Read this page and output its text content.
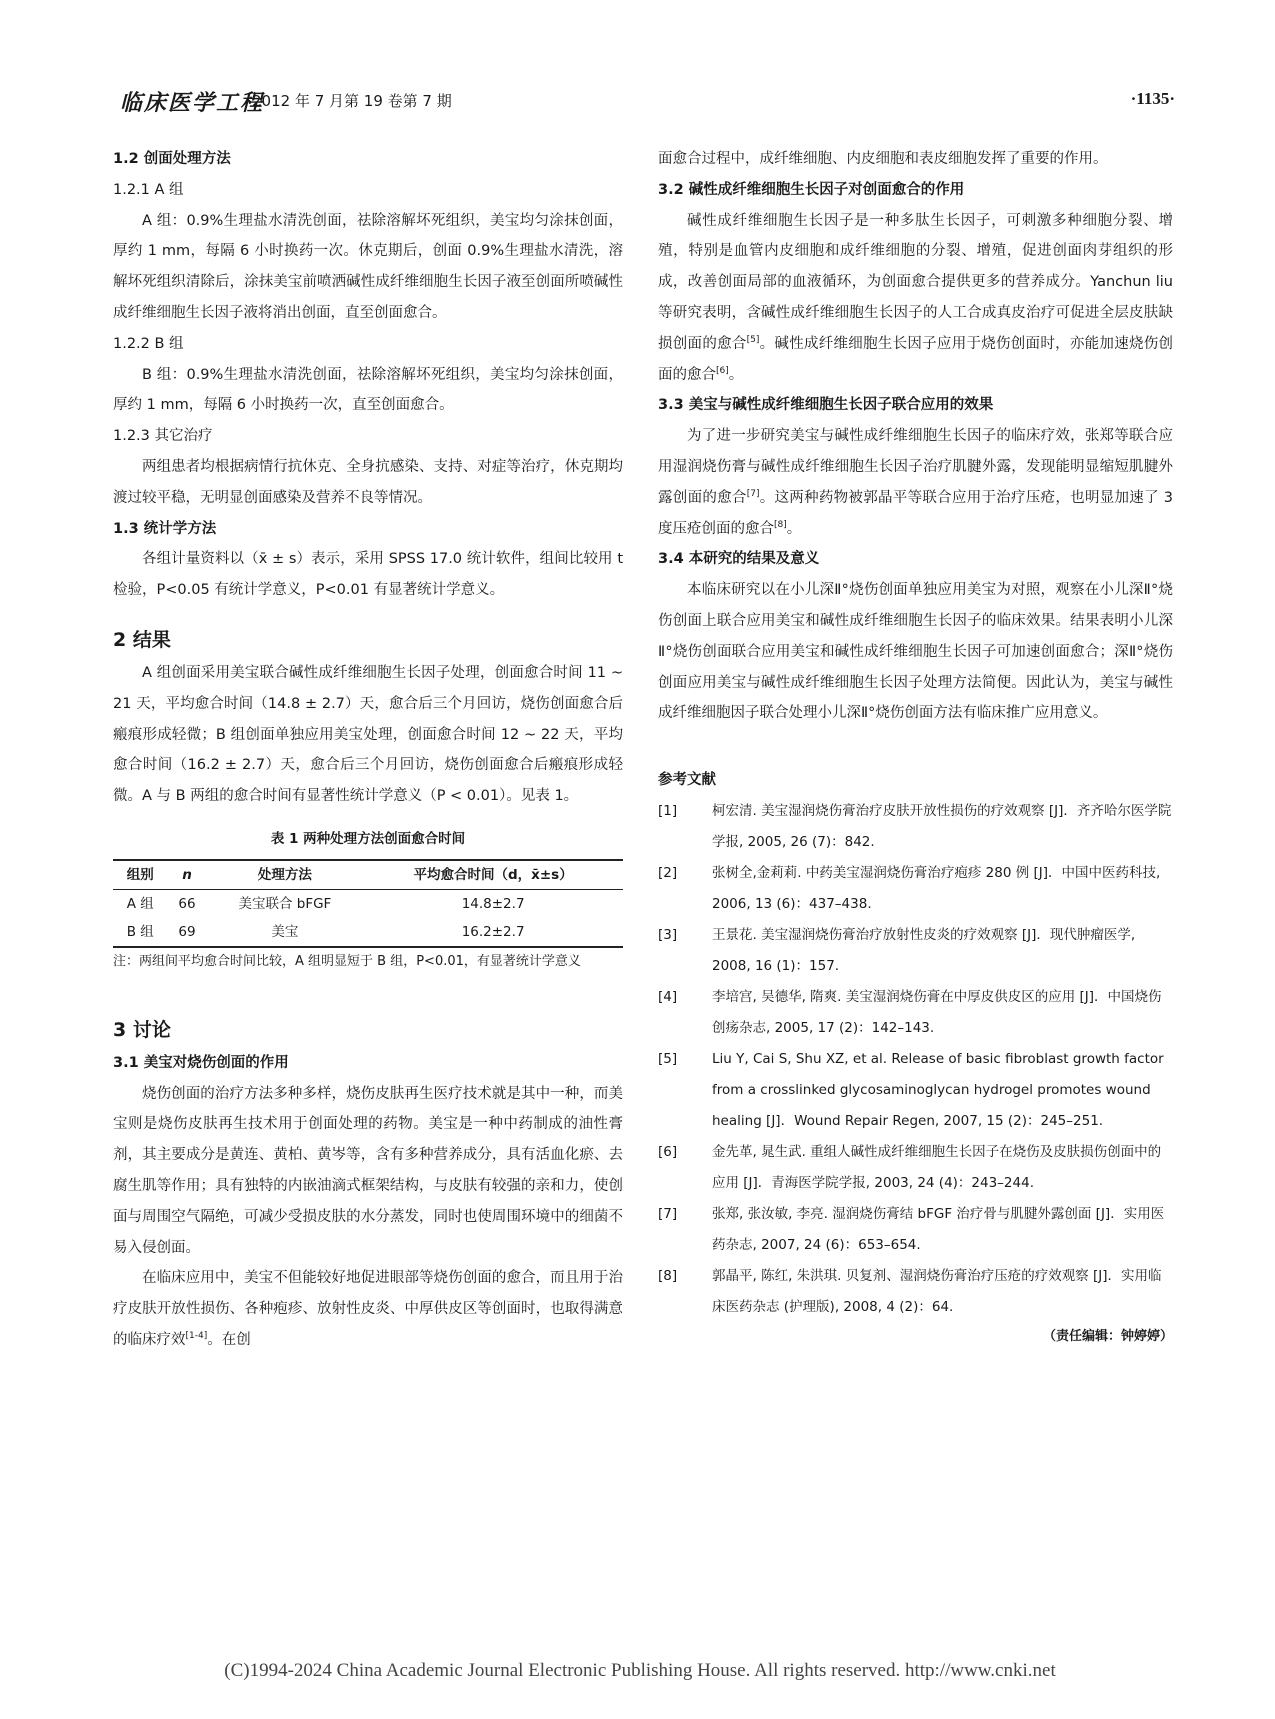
临床医学工程
2012 年 7 月第 19 卷第 7 期	·1135·

1.2 创面处理方法

1.2.1 A 组

A 组：0.9%生理盐水清洗创面，祛除溶解坏死组织，美宝均匀涂抹创面，厚约 1 mm，每隔 6 小时换药一次。休克期后，创面 0.9%生理盐水清洗，溶解坏死组织清除后，涂抹美宝前喷洒碱性成纤维细胞生长因子液至创面所喷碱性成纤维细胞生长因子液将消出创面，直至创面愈合。

1.2.2 B 组

B 组：0.9%生理盐水清洗创面，祛除溶解坏死组织，美宝均匀涂抹创面，厚约 1 mm，每隔 6 小时换药一次，直至创面愈合。

1.2.3 其它治疗

两组患者均根据病情行抗休克、全身抗感染、支持、对症等治疗，休克期均渡过较平稳，无明显创面感染及营养不良等情况。

1.3 统计学方法

各组计量资料以（x̄ ± s）表示，采用 SPSS 17.0 统计软件，组间比较用 t 检验，P<0.05 有统计学意义，P<0.01 有显著统计学意义。

2 结果

A 组创面采用美宝联合碱性成纤维细胞生长因子处理，创面愈合时间 11 ~ 21 天，平均愈合时间（14.8 ± 2.7）天，愈合后三个月回访，烧伤创面愈合后瘢痕形成轻微；B 组创面单独应用美宝处理，创面愈合时间 12 ~ 22 天，平均愈合时间（16.2 ± 2.7）天，愈合后三个月回访，烧伤创面愈合后瘢痕形成轻微。A 与 B 两组的愈合时间有显著性统计学意义（P < 0.01）。见表 1。

表 1 两种处理方法创面愈合时间
组别	n	处理方法	平均愈合时间（d，x̄±s）
A 组	66	美宝联合 bFGF	14.8±2.7
B 组	69	美宝	16.2±2.7

注：两组间平均愈合时间比较，A 组明显短于 B 组，P<0.01，有显著统计学意义

3 讨论

3.1 美宝对烧伤创面的作用

烧伤创面的治疗方法多种多样，烧伤皮肤再生医疗技术就是其中一种，而美宝则是烧伤皮肤再生技术用于创面处理的药物。美宝是一种中药制成的油性膏剂，其主要成分是黄连、黄柏、黄岑等，含有多种营养成分，具有活血化瘀、去腐生肌等作用；具有独特的内嵌油滴式框架结构，与皮肤有较强的亲和力，使创面与周围空气隔绝，可减少受损皮肤的水分蒸发，同时也使周围环境中的细菌不易入侵创面。

在临床应用中，美宝不但能较好地促进眼部等烧伤创面的愈合，而且用于治疗皮肤开放性损伤、各种疱疹、放射性皮炎、中厚供皮区等创面时，也取得满意的临床疗效[1-4]。在创

面愈合过程中，成纤维细胞、内皮细胞和表皮细胞发挥了重要的作用。

3.2 碱性成纤维细胞生长因子对创面愈合的作用

碱性成纤维细胞生长因子是一种多肽生长因子，可刺激多种细胞分裂、增殖，特别是血管内皮细胞和成纤维细胞的分裂、增殖，促进创面肉芽组织的形成，改善创面局部的血液循环，为创面愈合提供更多的营养成分。Yanchun liu 等研究表明，含碱性成纤维细胞生长因子的人工合成真皮治疗可促进全层皮肤缺损创面的愈合[5]。碱性成纤维细胞生长因子应用于烧伤创面时，亦能加速烧伤创面的愈合[6]。

3.3 美宝与碱性成纤维细胞生长因子联合应用的效果

为了进一步研究美宝与碱性成纤维细胞生长因子的临床疗效，张郑等联合应用湿润烧伤膏与碱性成纤维细胞生长因子治疗肌腱外露，发现能明显缩短肌腱外露创面的愈合[7]。这两种药物被郭晶平等联合应用于治疗压疮，也明显加速了 3 度压疮创面的愈合[8]。

3.4 本研究的结果及意义

本临床研究以在小儿深Ⅱ°烧伤创面单独应用美宝为对照，观察在小儿深Ⅱ°烧伤创面上联合应用美宝和碱性成纤维细胞生长因子的临床效果。结果表明小儿深Ⅱ°烧伤创面联合应用美宝和碱性成纤维细胞生长因子可加速创面愈合；深Ⅱ°烧伤创面应用美宝与碱性成纤维细胞生长因子处理方法简便。因此认为，美宝与碱性成纤维细胞因子联合处理小儿深Ⅱ°烧伤创面方法有临床推广应用意义。

参考文献

[1]	柯宏清. 美宝湿润烧伤膏治疗皮肤开放性损伤的疗效观察 [J]．齐齐哈尔医学院学报, 2005, 26 (7)：842.
[2]	张树全,金莉莉. 中药美宝湿润烧伤膏治疗疱疹 280 例 [J]．中国中医药科技, 2006, 13 (6)：437–438.
[3]	王景花. 美宝湿润烧伤膏治疗放射性皮炎的疗效观察 [J]．现代肿瘤医学, 2008, 16 (1)：157.
[4]	李培宫, 吴德华, 隋爽. 美宝湿润烧伤膏在中厚皮供皮区的应用 [J]．中国烧伤创疡杂志, 2005, 17 (2)：142–143.
[5]	Liu Y, Cai S, Shu XZ, et al. Release of basic fibroblast growth factor from a crosslinked glycosaminoglycan hydrogel promotes wound healing [J]．Wound Repair Regen, 2007, 15 (2)：245–251.
[6]	金先革, 晁生武. 重组人碱性成纤维细胞生长因子在烧伤及皮肤损伤创面中的应用 [J]．青海医学院学报, 2003, 24 (4)：243–244.
[7]	张郑, 张汝敏, 李亮. 湿润烧伤膏结 bFGF 治疗骨与肌腱外露创面 [J]．实用医药杂志, 2007, 24 (6)：653–654.
[8]	郭晶平, 陈红, 朱洪琪. 贝复剂、湿润烧伤膏治疗压疮的疗效观察 [J]．实用临床医药杂志 (护理版), 2008, 4 (2)：64.
（责任编辑：钟婷婷）
(C)1994-2024 China Academic Journal Electronic Publishing House. All rights reserved. http://www.cnki.net
